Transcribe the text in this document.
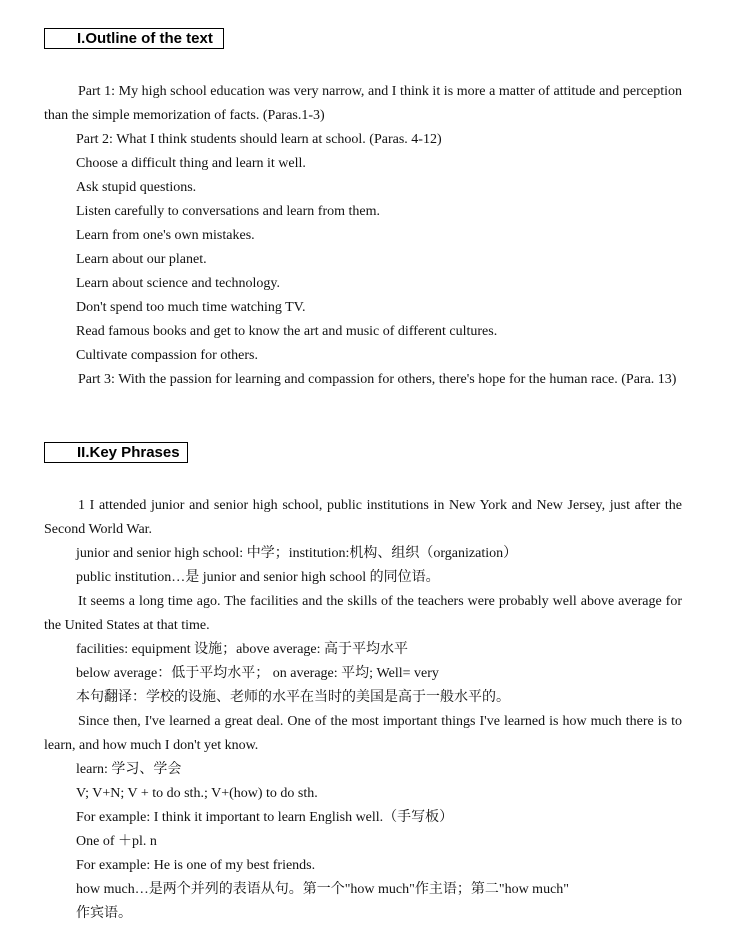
I.Outline of the text

Part 1: My high school education was very narrow, and I think it is more a matter of attitude and perception than the simple memorization of facts. (Paras.1-3)

Part 2: What I think students should learn at school. (Paras. 4-12)

Choose a difficult thing and learn it well.

Ask stupid questions.

Listen carefully to conversations and learn from them.

Learn from one's own mistakes.

Learn about our planet.

Learn about science and technology.

Don't spend too much time watching TV.

Read famous books and get to know the art and music of different cultures.

Cultivate compassion for others.

Part 3: With the passion for learning and compassion for others, there's hope for the human race. (Para. 13)

II.Key Phrases

1 I attended junior and senior high school, public institutions in New York and New Jersey, just after the Second World War.

junior and senior high school: 中学；institution:机构、组织（organization）

public institution…是 junior and senior high school 的同位语。

It seems a long time ago. The facilities and the skills of the teachers were probably well above average for the United States at that time.

facilities: equipment 设施；above average: 高于平均水平

below average：低于平均水平； on average: 平均; Well= very

本句翻译：学校的设施、老师的水平在当时的美国是高于一般水平的。

Since then, I've learned a great deal. One of the most important things I've learned is how much there is to learn, and how much I don't yet know.

learn: 学习、学会

V; V+N; V + to do sth.; V+(how) to do sth.

For example: I think it important to learn English well.（手写板）

One of ＋pl. n

For example: He is one of my best friends.

how much…是两个并列的表语从句。第一个"how much"作主语；第二"how much"

作宾语。
